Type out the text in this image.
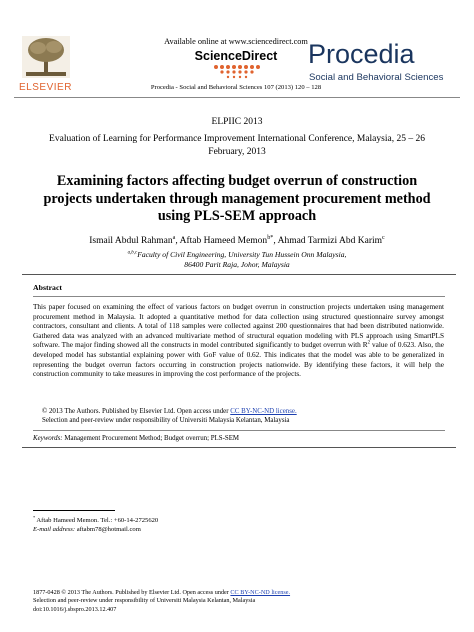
ELSEVIER
Available online at www.sciencedirect.com
ScienceDirect
Procedia - Social and Behavioral Sciences 107 (2013) 120 – 128
Procedia
Social and Behavioral Sciences
ELPIIC 2013
Evaluation of Learning for Performance Improvement International Conference, Malaysia, 25 – 26 February, 2013
Examining factors affecting budget overrun of construction projects undertaken through management procurement method using PLS-SEM approach
Ismail Abdul Rahman$^a$, Aftab Hameed Memon$^{b*}$, Ahmad Tarmizi Abd Karim$^c$
$^{a,b,c}$Faculty of Civil Engineering, University Tun Hussein Onn Malaysia,
86400 Parit Raja, Johor, Malaysia
Abstract
This paper focused on examining the effect of various factors on budget overrun in construction projects undertaken using management procurement method in Malaysia. It adopted a quantitative method for data collection using structured questionnaire survey amongst contractors, consultant and clients. A total of 118 samples were collected against 200 questionnaires that had been distributed nationwide. Gathered data was analyzed with an advanced multivariate method of structural equation modeling with PLS approach using SmartPLS software. The major finding showed all the constructs in model contributed significantly to budget overrun with $R^2$ value of 0.623. Also, the developed model has substantial explaining power with GoF value of 0.62. This indicates that the model was able to be generalized in representing the budget overrun factors occurring in construction projects nationwide. By identifying these factors, it will help the construction community to take measures in improving the cost performance of the projects.
© 2013 The Authors. Published by Elsevier Ltd. Open access under CC BY-NC-ND license.
Selection and peer-review under responsibility of Universiti Malaysia Kelantan, Malaysia
Keywords: Management Procurement Method; Budget overrun; PLS-SEM
* Aftab Hameed Memon. Tel.: +60-14-2725620
E-mail address: aftabm78@hotmail.com
1877-0428 © 2013 The Authors. Published by Elsevier Ltd. Open access under CC BY-NC-ND license.
Selection and peer-review under responsibility of Universiti Malaysia Kelantan, Malaysia
doi:10.1016/j.sbspro.2013.12.407
